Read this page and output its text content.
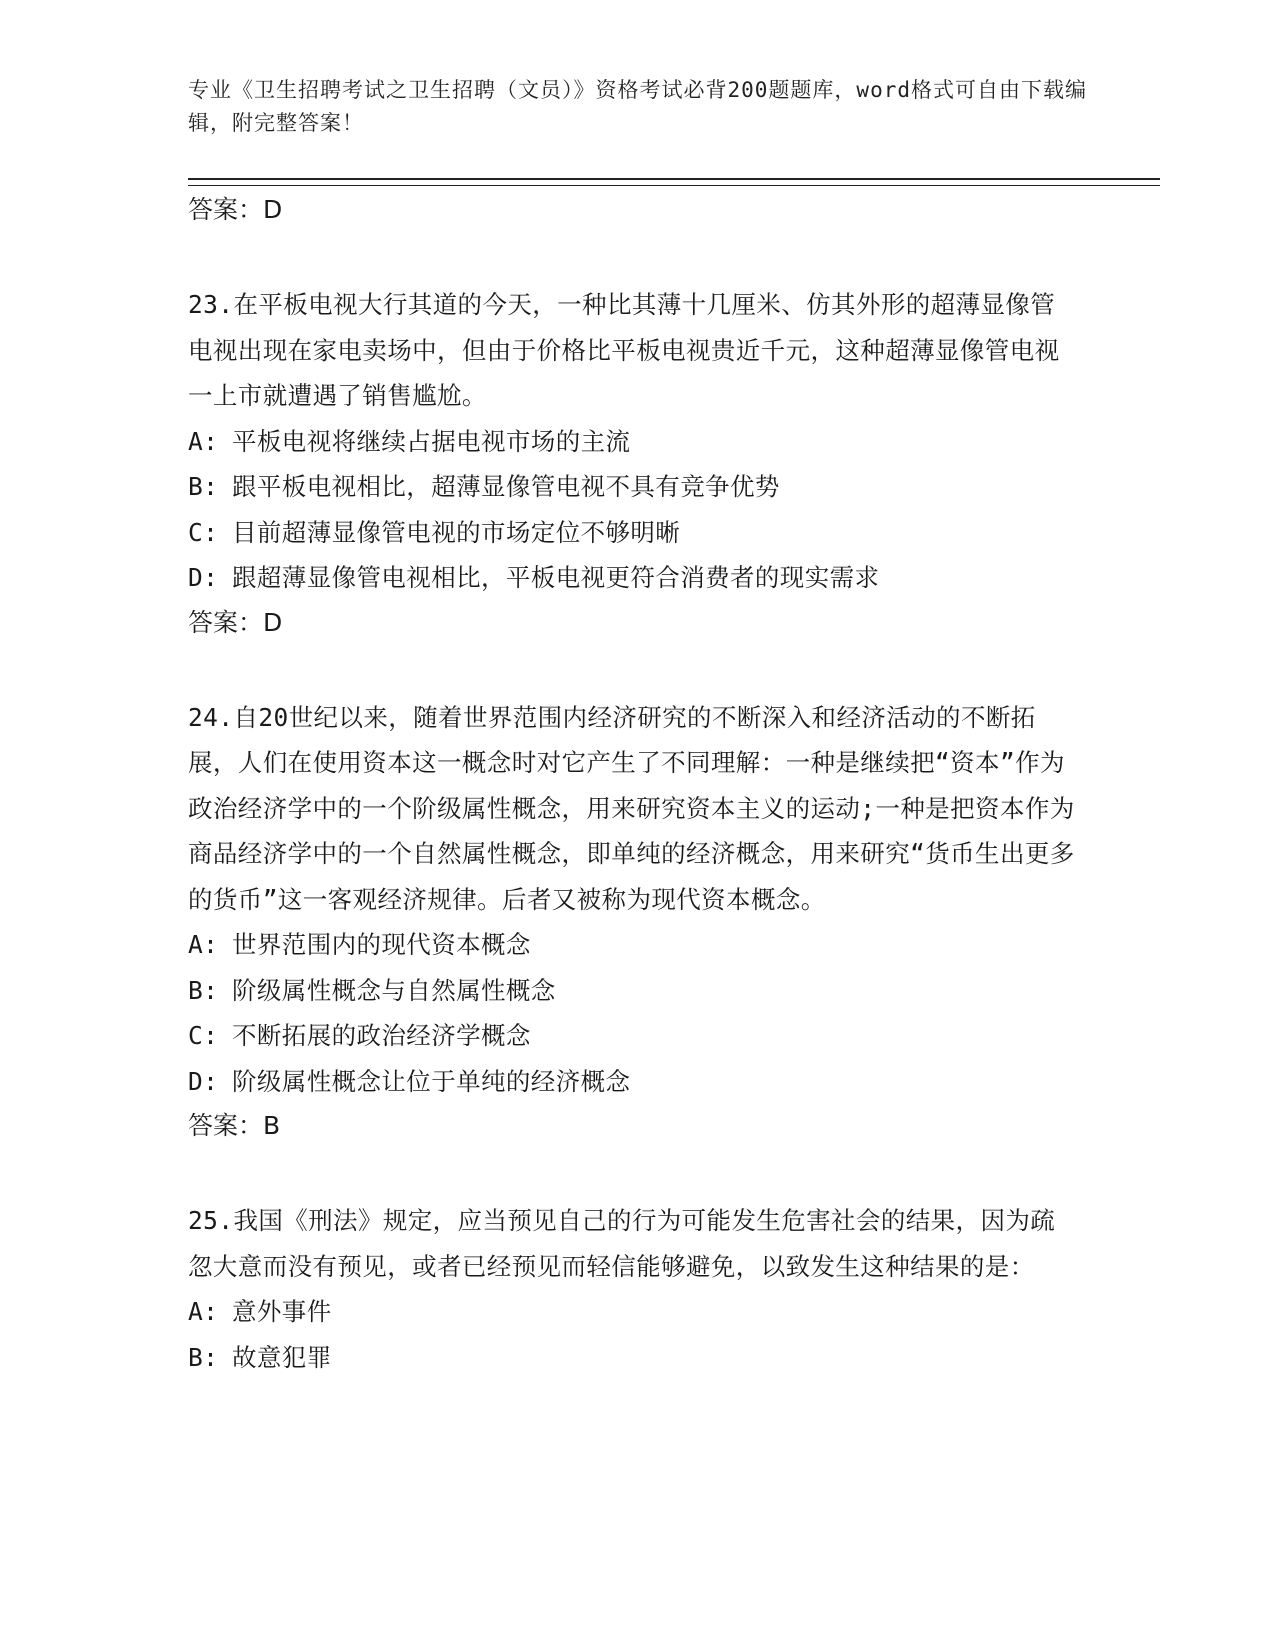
专业《卫生招聘考试之卫生招聘（文员）》资格考试必背200题题库，word格式可自由下载编辑，附完整答案！

答案：D

23.在平板电视大行其道的今天，一种比其薄十几厘米、仿其外形的超薄显像管电视出现在家电卖场中，但由于价格比平板电视贵近千元，这种超薄显像管电视一上市就遭遇了销售尴尬。

A: 平板电视将继续占据电视市场的主流

B: 跟平板电视相比，超薄显像管电视不具有竞争优势

C: 目前超薄显像管电视的市场定位不够明晰

D: 跟超薄显像管电视相比，平板电视更符合消费者的现实需求

答案：D

24.自20世纪以来，随着世界范围内经济研究的不断深入和经济活动的不断拓展，人们在使用资本这一概念时对它产生了不同理解：一种是继续把“资本”作为政治经济学中的一个阶级属性概念，用来研究资本主义的运动;一种是把资本作为商品经济学中的一个自然属性概念，即单纯的经济概念，用来研究“货币生出更多的货币”这一客观经济规律。后者又被称为现代资本概念。

A: 世界范围内的现代资本概念

B: 阶级属性概念与自然属性概念

C: 不断拓展的政治经济学概念

D: 阶级属性概念让位于单纯的经济概念

答案：B

25.我国《刑法》规定，应当预见自己的行为可能发生危害社会的结果，因为疏忽大意而没有预见，或者已经预见而轻信能够避免，以致发生这种结果的是：

A: 意外事件

B: 故意犯罪
